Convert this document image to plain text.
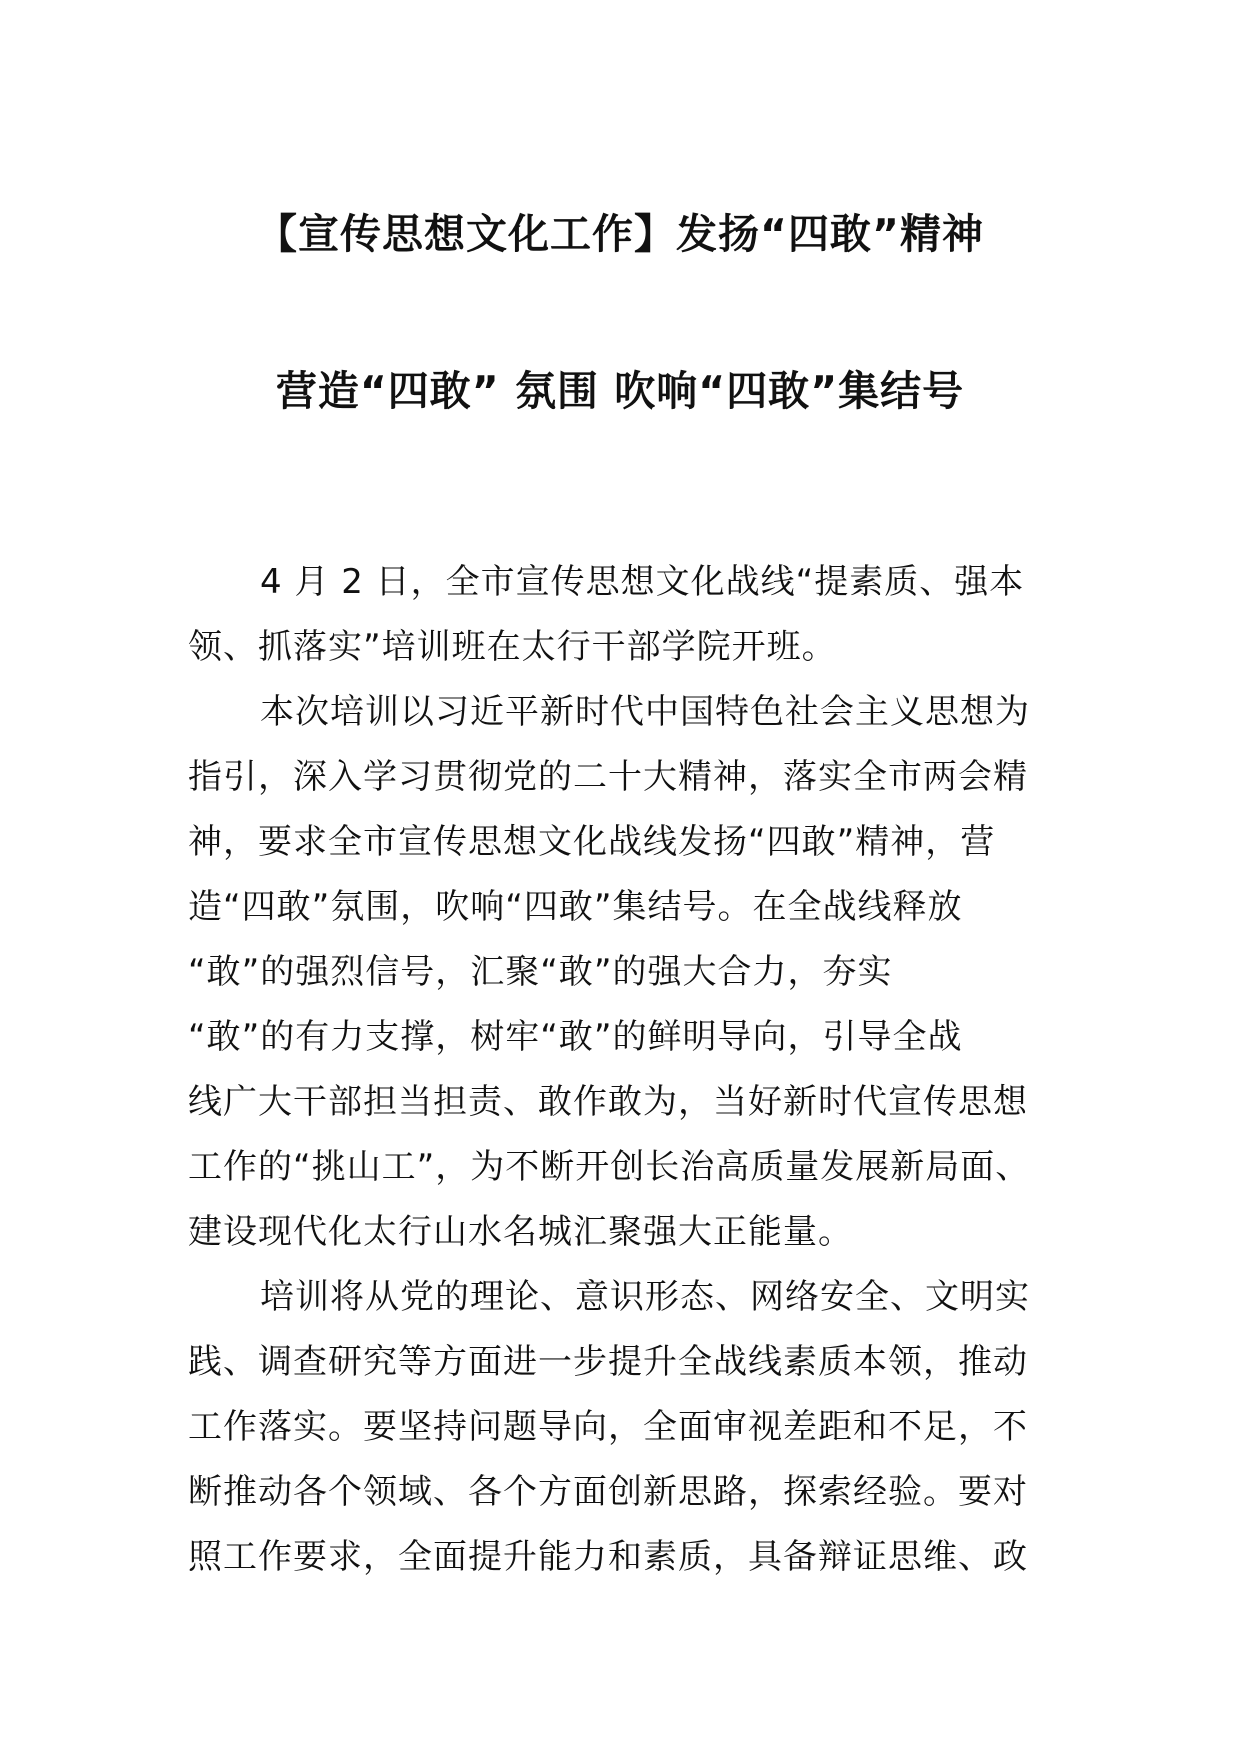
【宣传思想文化工作】发扬“四敢”精神
营造“四敢” 氛围 吹响“四敢”集结号

4 月 2 日，全市宣传思想文化战线“提素质、强本
领、抓落实”培训班在太行干部学院开班。

本次培训以习近平新时代中国特色社会主义思想为
指引，深入学习贯彻党的二十大精神，落实全市两会精
神，要求全市宣传思想文化战线发扬“四敢”精神，营
造“四敢”氛围，吹响“四敢”集结号。在全战线释放
“敢”的强烈信号，汇聚“敢”的强大合力，夯实
“敢”的有力支撑，树牢“敢”的鲜明导向，引导全战
线广大干部担当担责、敢作敢为，当好新时代宣传思想
工作的“挑山工”，为不断开创长治高质量发展新局面、
建设现代化太行山水名城汇聚强大正能量。

培训将从党的理论、意识形态、网络安全、文明实
践、调查研究等方面进一步提升全战线素质本领，推动
工作落实。要坚持问题导向，全面审视差距和不足，不
断推动各个领域、各个方面创新思路，探索经验。要对
照工作要求，全面提升能力和素质，具备辩证思维、政
